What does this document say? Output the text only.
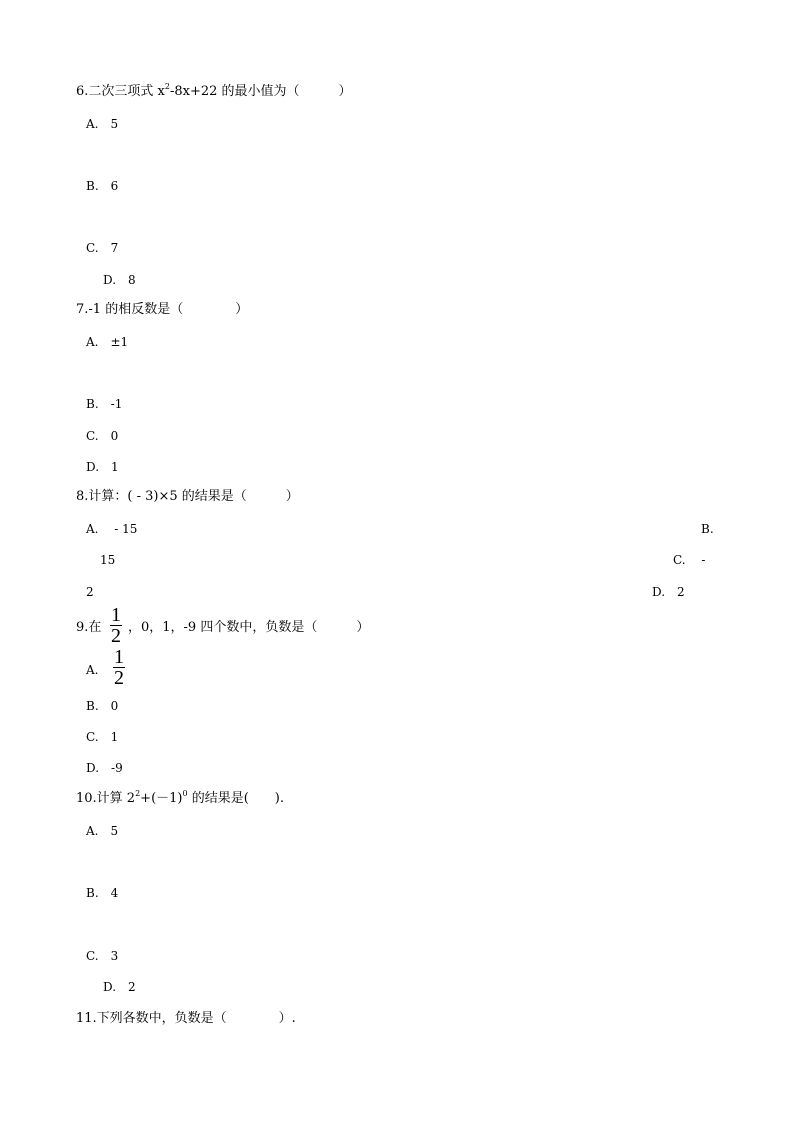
6.二次三项式 $x^2-8x+22$ 的最小值为（　　　）
A.　5
B.　6
C.　7
D.　8
7.-1 的相反数是（　　　　）
A.　±1
B.　-1
C.　0
D.　1
8.计算：( - 3)×5 的结果是（　　　）
A.　 - 15	B.
15	C.　 -
2	D.　2
9.在 $\frac{1}{2}$ ，0，1，-9 四个数中，负数是（　　　）
A. $\frac{1}{2}$
B.　0
C.　1
D.　-9
10.计算 $2^2+(-1)^0$ 的结果是(　　).
A.　5
B.　4
C.　3
D.　2
11.下列各数中，负数是（　　　　）.
